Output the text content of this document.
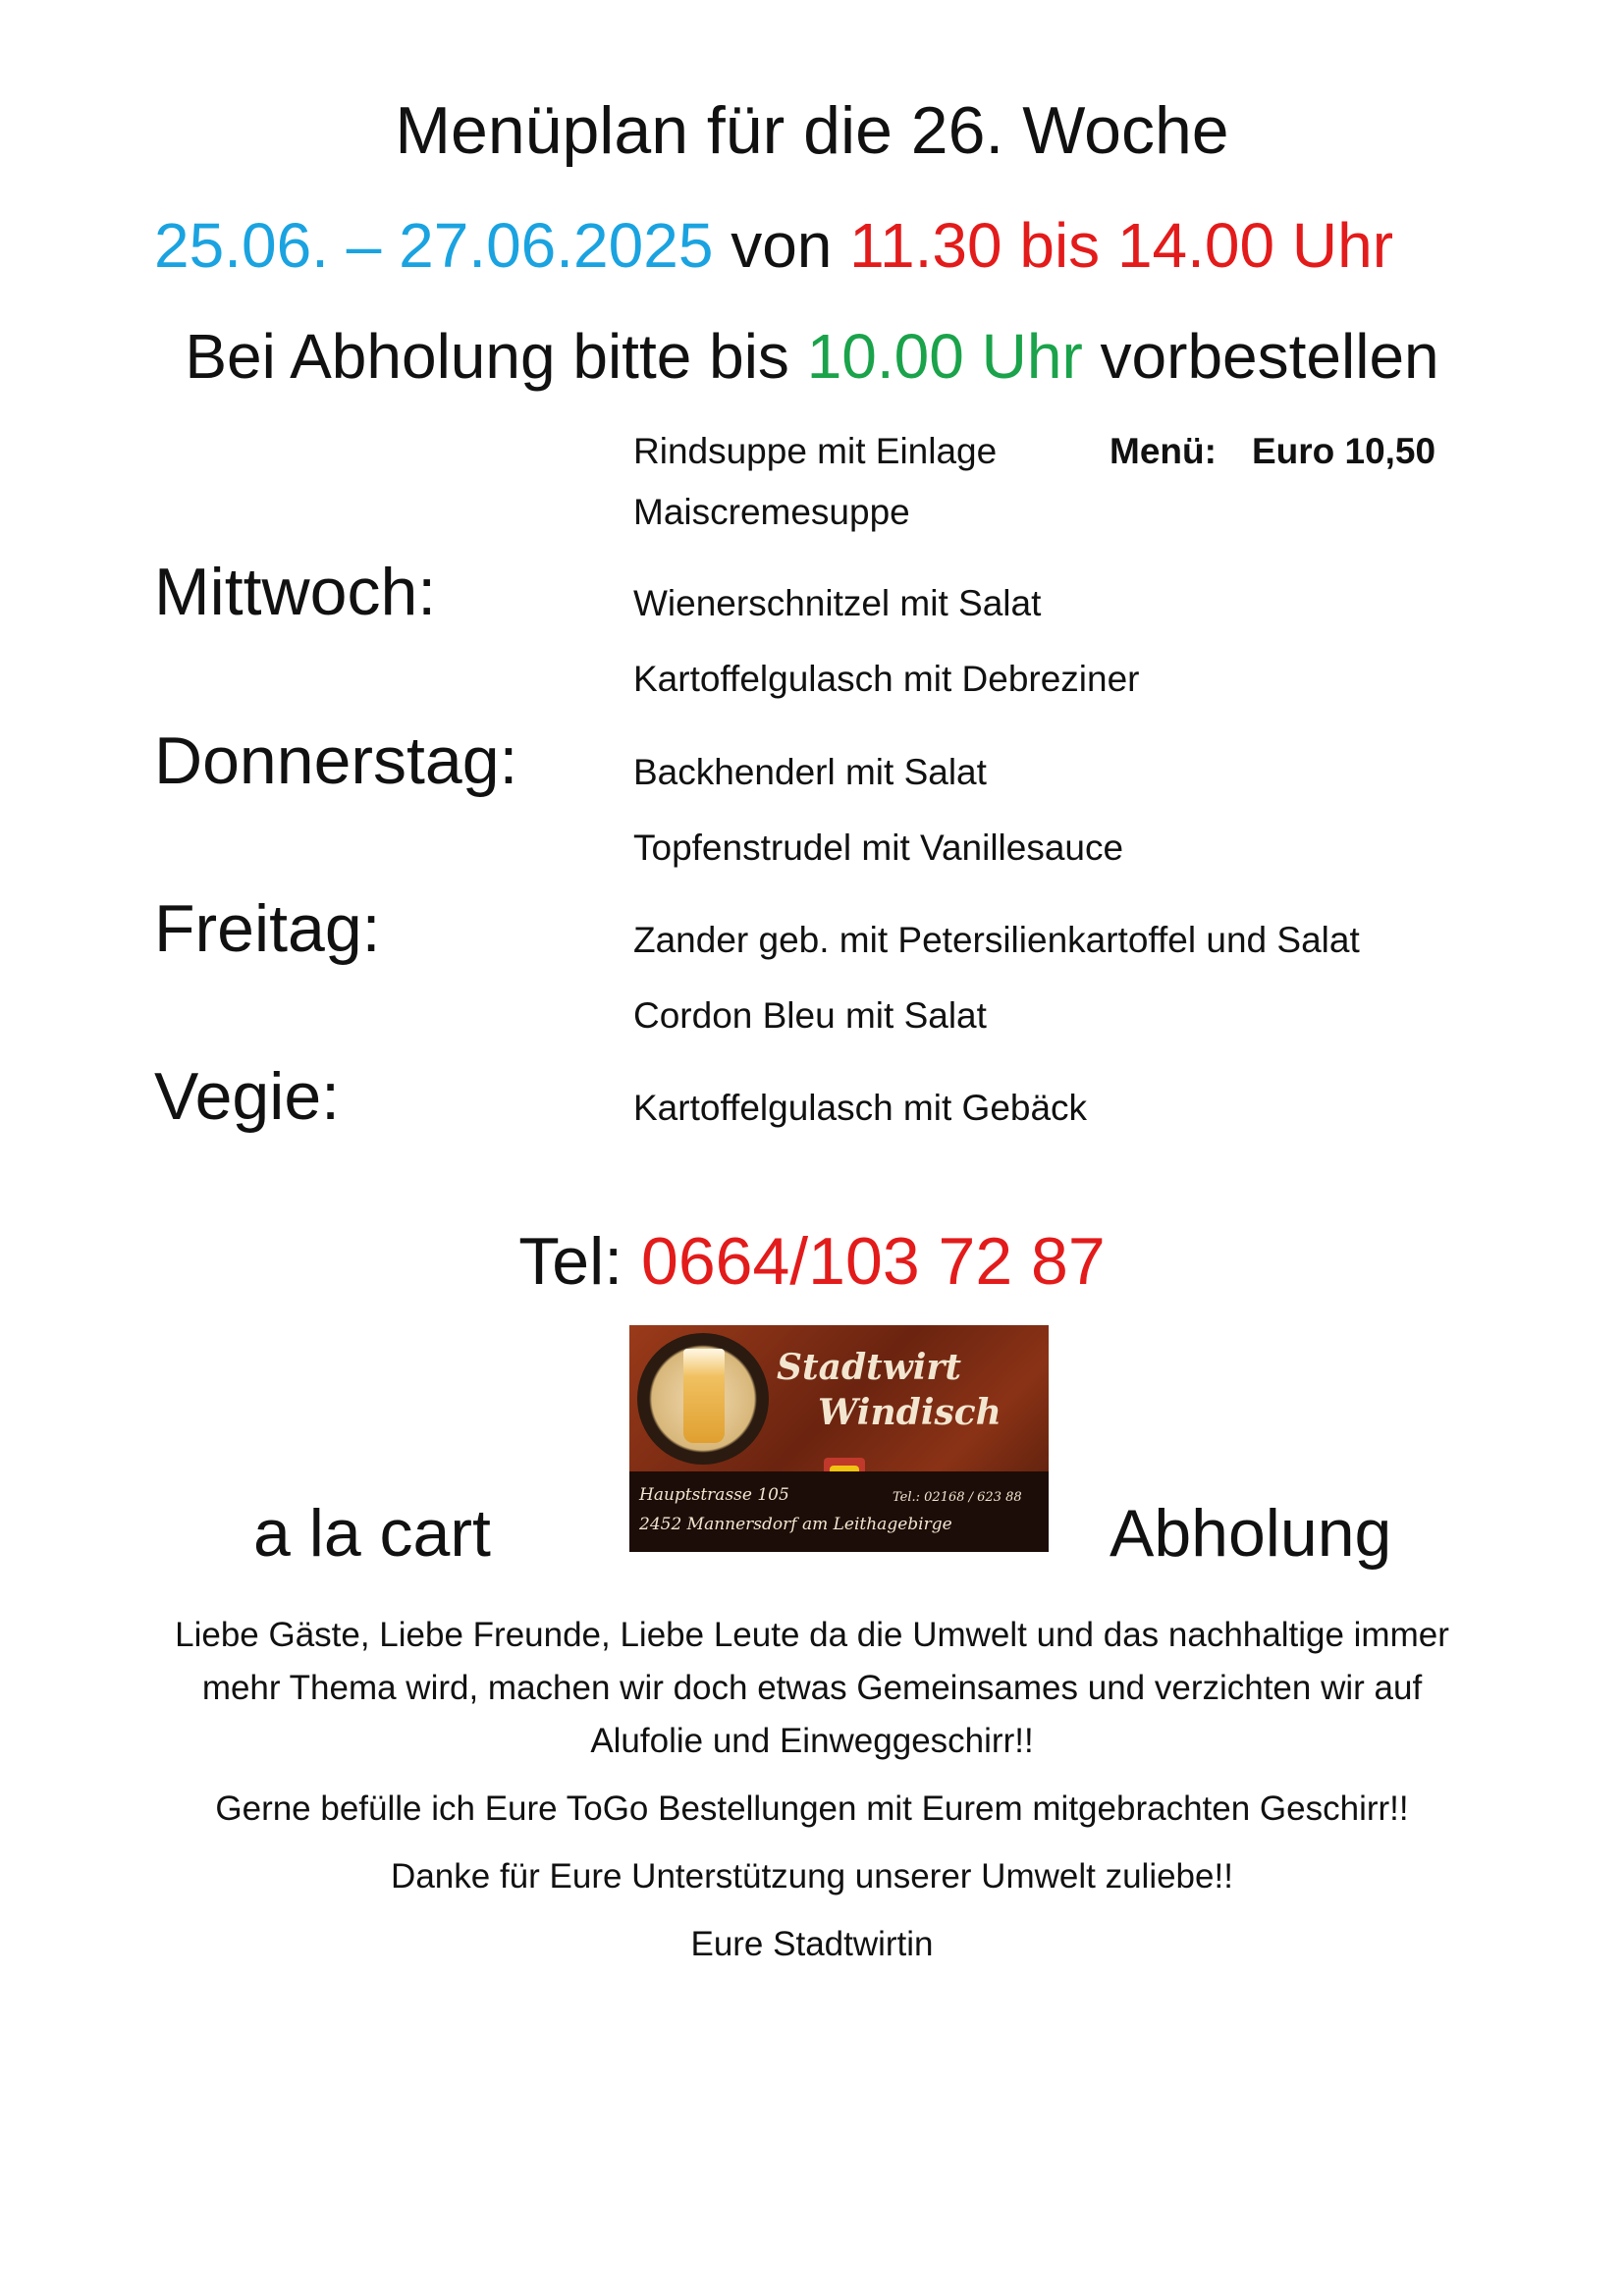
Menüplan für die 26. Woche
25.06. – 27.06.2025 von 11.30 bis 14.00 Uhr
Bei Abholung bitte bis 10.00 Uhr vorbestellen
Rindsuppe mit Einlage
Maiscremesuppe
Menü: Euro 10,50
Mittwoch:	Wienerschnitzel mit Salat
Kartoffelgulasch mit Debreziner
Donnerstag:	Backhenderl mit Salat
Topfenstrudel mit Vanillesauce
Freitag:	Zander geb. mit Petersilienkartoffel und Salat
Cordon Bleu mit Salat
Vegie:	Kartoffelgulasch mit Gebäck
Tel: 0664/103 72 87
Stadtwirt
Windisch
Hauptstrasse 105	Tel.: 02168 / 623 88
2452 Mannersdorf am Leithagebirge
a la cart	Abholung
Liebe Gäste, Liebe Freunde, Liebe Leute da die Umwelt und das nachhaltige immer
mehr Thema wird, machen wir doch etwas Gemeinsames und verzichten wir auf
Alufolie und Einweggeschirr!!
Gerne befülle ich Eure ToGo Bestellungen mit Eurem mitgebrachten Geschirr!!
Danke für Eure Unterstützung unserer Umwelt zuliebe!!
Eure Stadtwirtin
